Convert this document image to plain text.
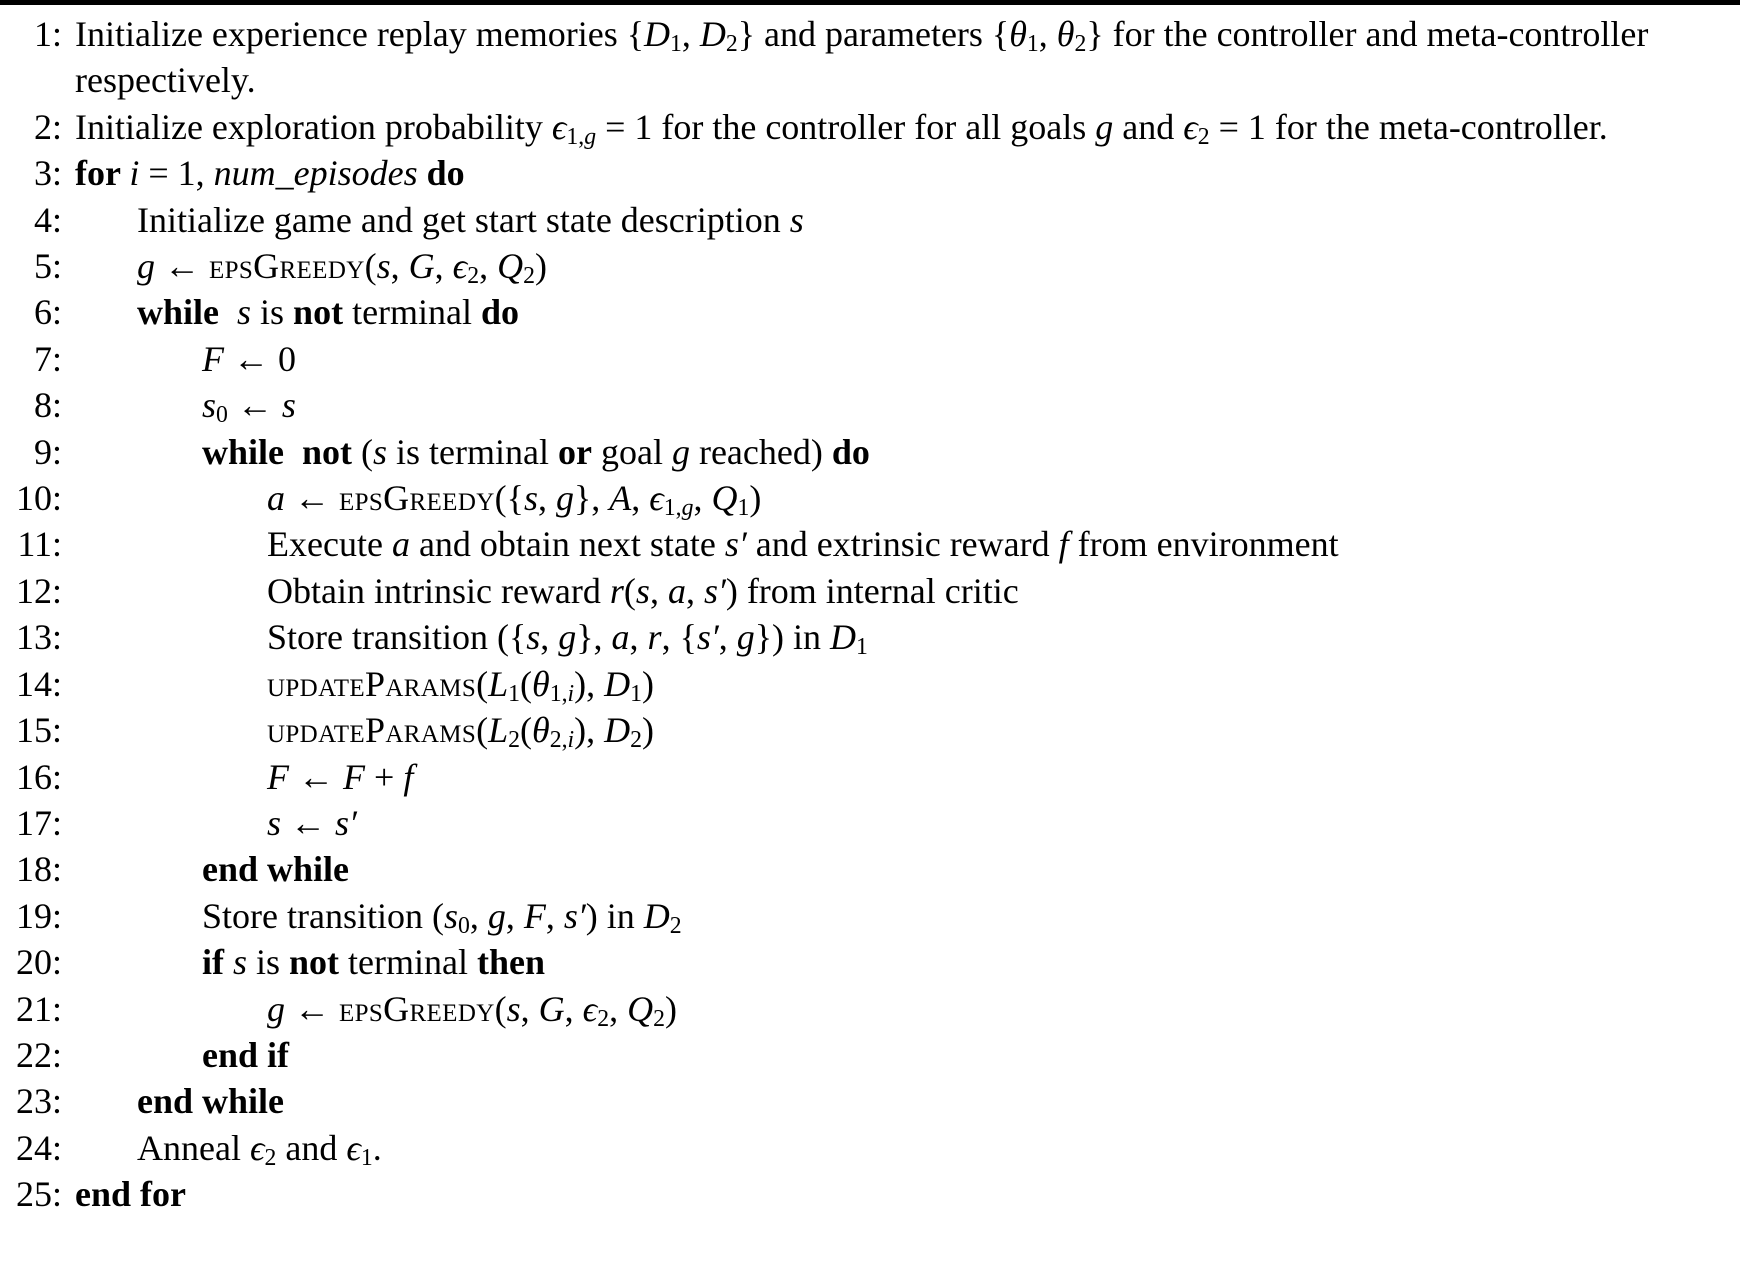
1: Initialize experience replay memories {$D_1$, $D_2$} and parameters {$\theta_1$, $\theta_2$} for the controller and meta-controller respectively.
2: Initialize exploration probability $\epsilon_{1,g} = 1$ for the controller for all goals g and $\epsilon_2 = 1$ for the meta-controller.
3: for i = 1, num_episodes do
4: Initialize game and get start state description s
5: g ← epsGreedy(s, G, $\epsilon_2$, $Q_2$)
6: while  s is not terminal do
7:	F ← 0
8:	$s_0$ ← s
9:	while  not (s is terminal or goal g reached) do
10:	a ← epsGreedy({s, g}, A, $\epsilon_{1,g}$, $Q_1$)
11:	Execute a and obtain next state s′ and extrinsic reward f from environment
12:	Obtain intrinsic reward r(s, a, s′) from internal critic
13:	Store transition ({s, g}, a, r, {s′, g}) in $D_1$
14:	$updateParams(L_1(\theta_{1,i})$, $D_1$)
15:	$updateParams(L_2(\theta_{2,i})$, $D_2$)
16:	F ← F + f
17:	s ← s′
18:	end while
19:	Store transition ($s_0$, g, F, s′) in $D_2$
20:	if s is not terminal then
21:	g ← epsGreedy(s, G, $\epsilon_2$, $Q_2$)
22:	end if
23: end while
24: Anneal $\epsilon_2$ and $\epsilon_1$.
25: end for
